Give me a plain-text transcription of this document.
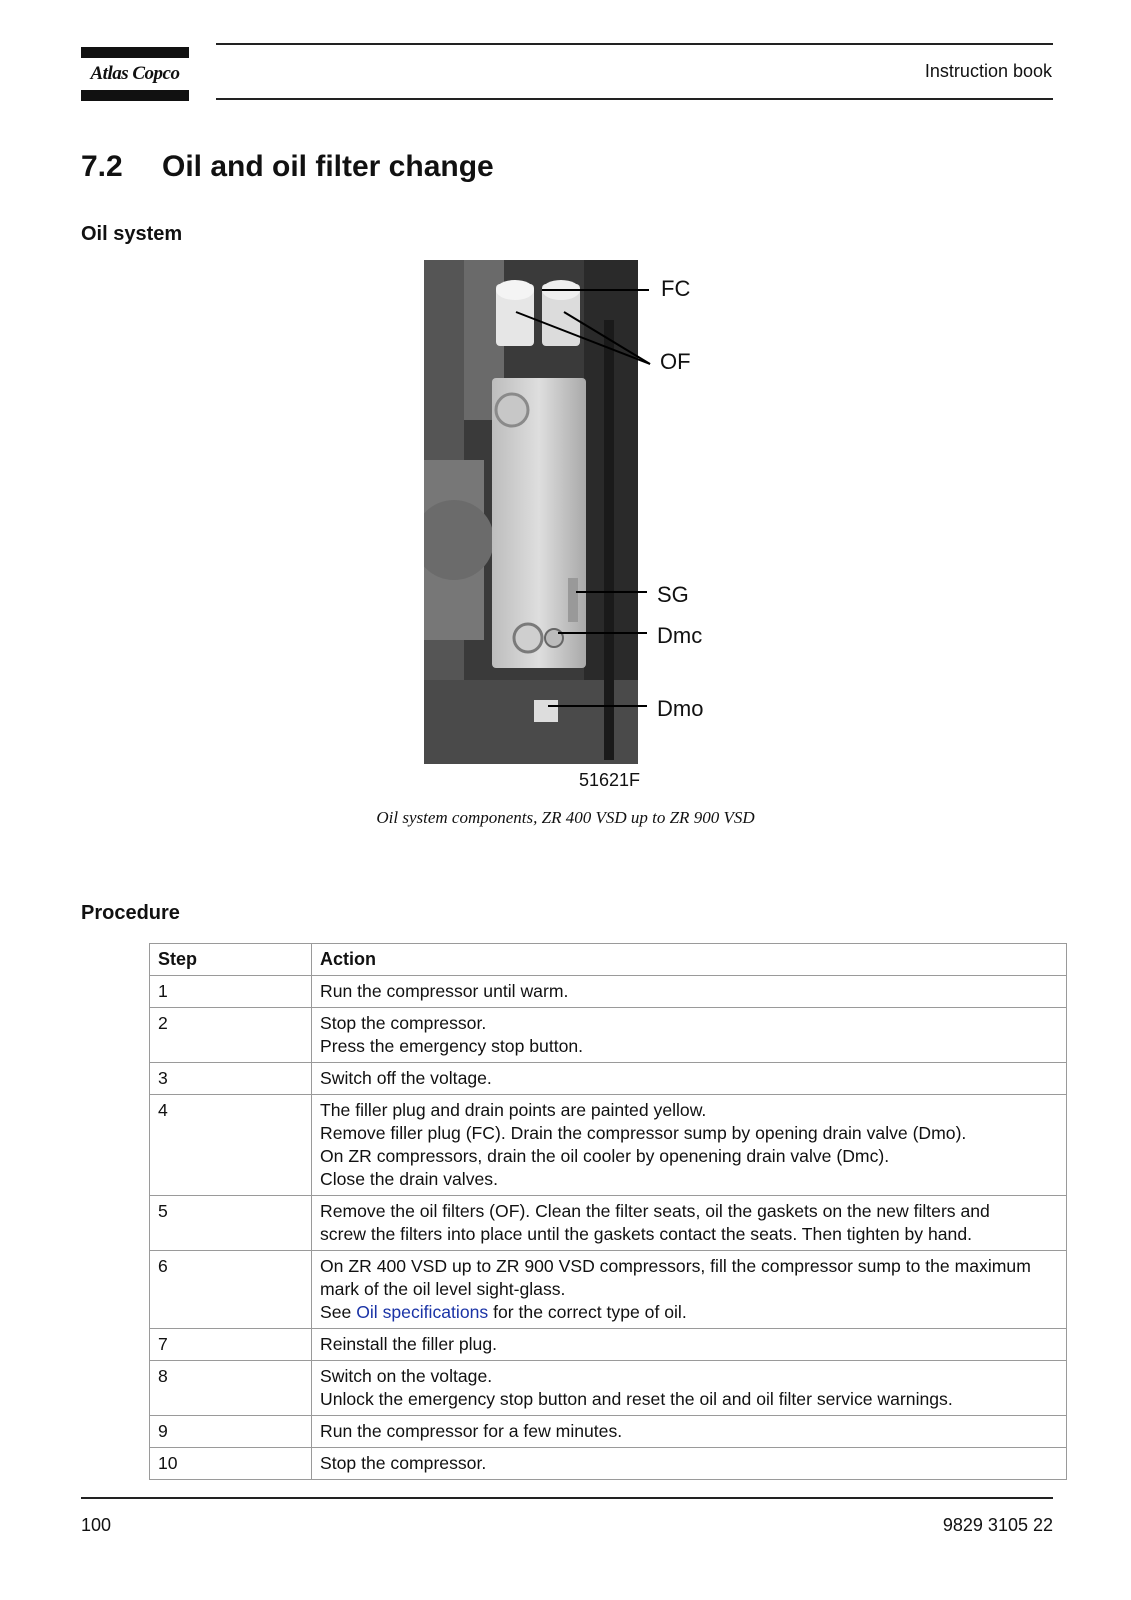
Atlas Copco	Instruction book
7.2 Oil and oil filter change
Oil system
FC
OF
SG
Dmc
Dmo
51621F
Oil system components, ZR 400 VSD up to ZR 900 VSD
Procedure
Step	Action
1	Run the compressor until warm.

2	Stop the compressor.
Press the emergency stop button.

3	Switch off the voltage.

4	The filler plug and drain points are painted yellow.
Remove filler plug (FC). Drain the compressor sump by opening drain valve (Dmo).
On ZR compressors, drain the oil cooler by openening drain valve (Dmc).
Close the drain valves.

5	Remove the oil filters (OF). Clean the filter seats, oil the gaskets on the new filters and
screw the filters into place until the gaskets contact the seats. Then tighten by hand.

6	On ZR 400 VSD up to ZR 900 VSD compressors, fill the compressor sump to the maximum
mark of the oil level sight-glass.
See Oil specifications for the correct type of oil.

7	Reinstall the filler plug.

8	Switch on the voltage.
Unlock the emergency stop button and reset the oil and oil filter service warnings.

9	Run the compressor for a few minutes.

10	Stop the compressor.
100	9829 3105 22
